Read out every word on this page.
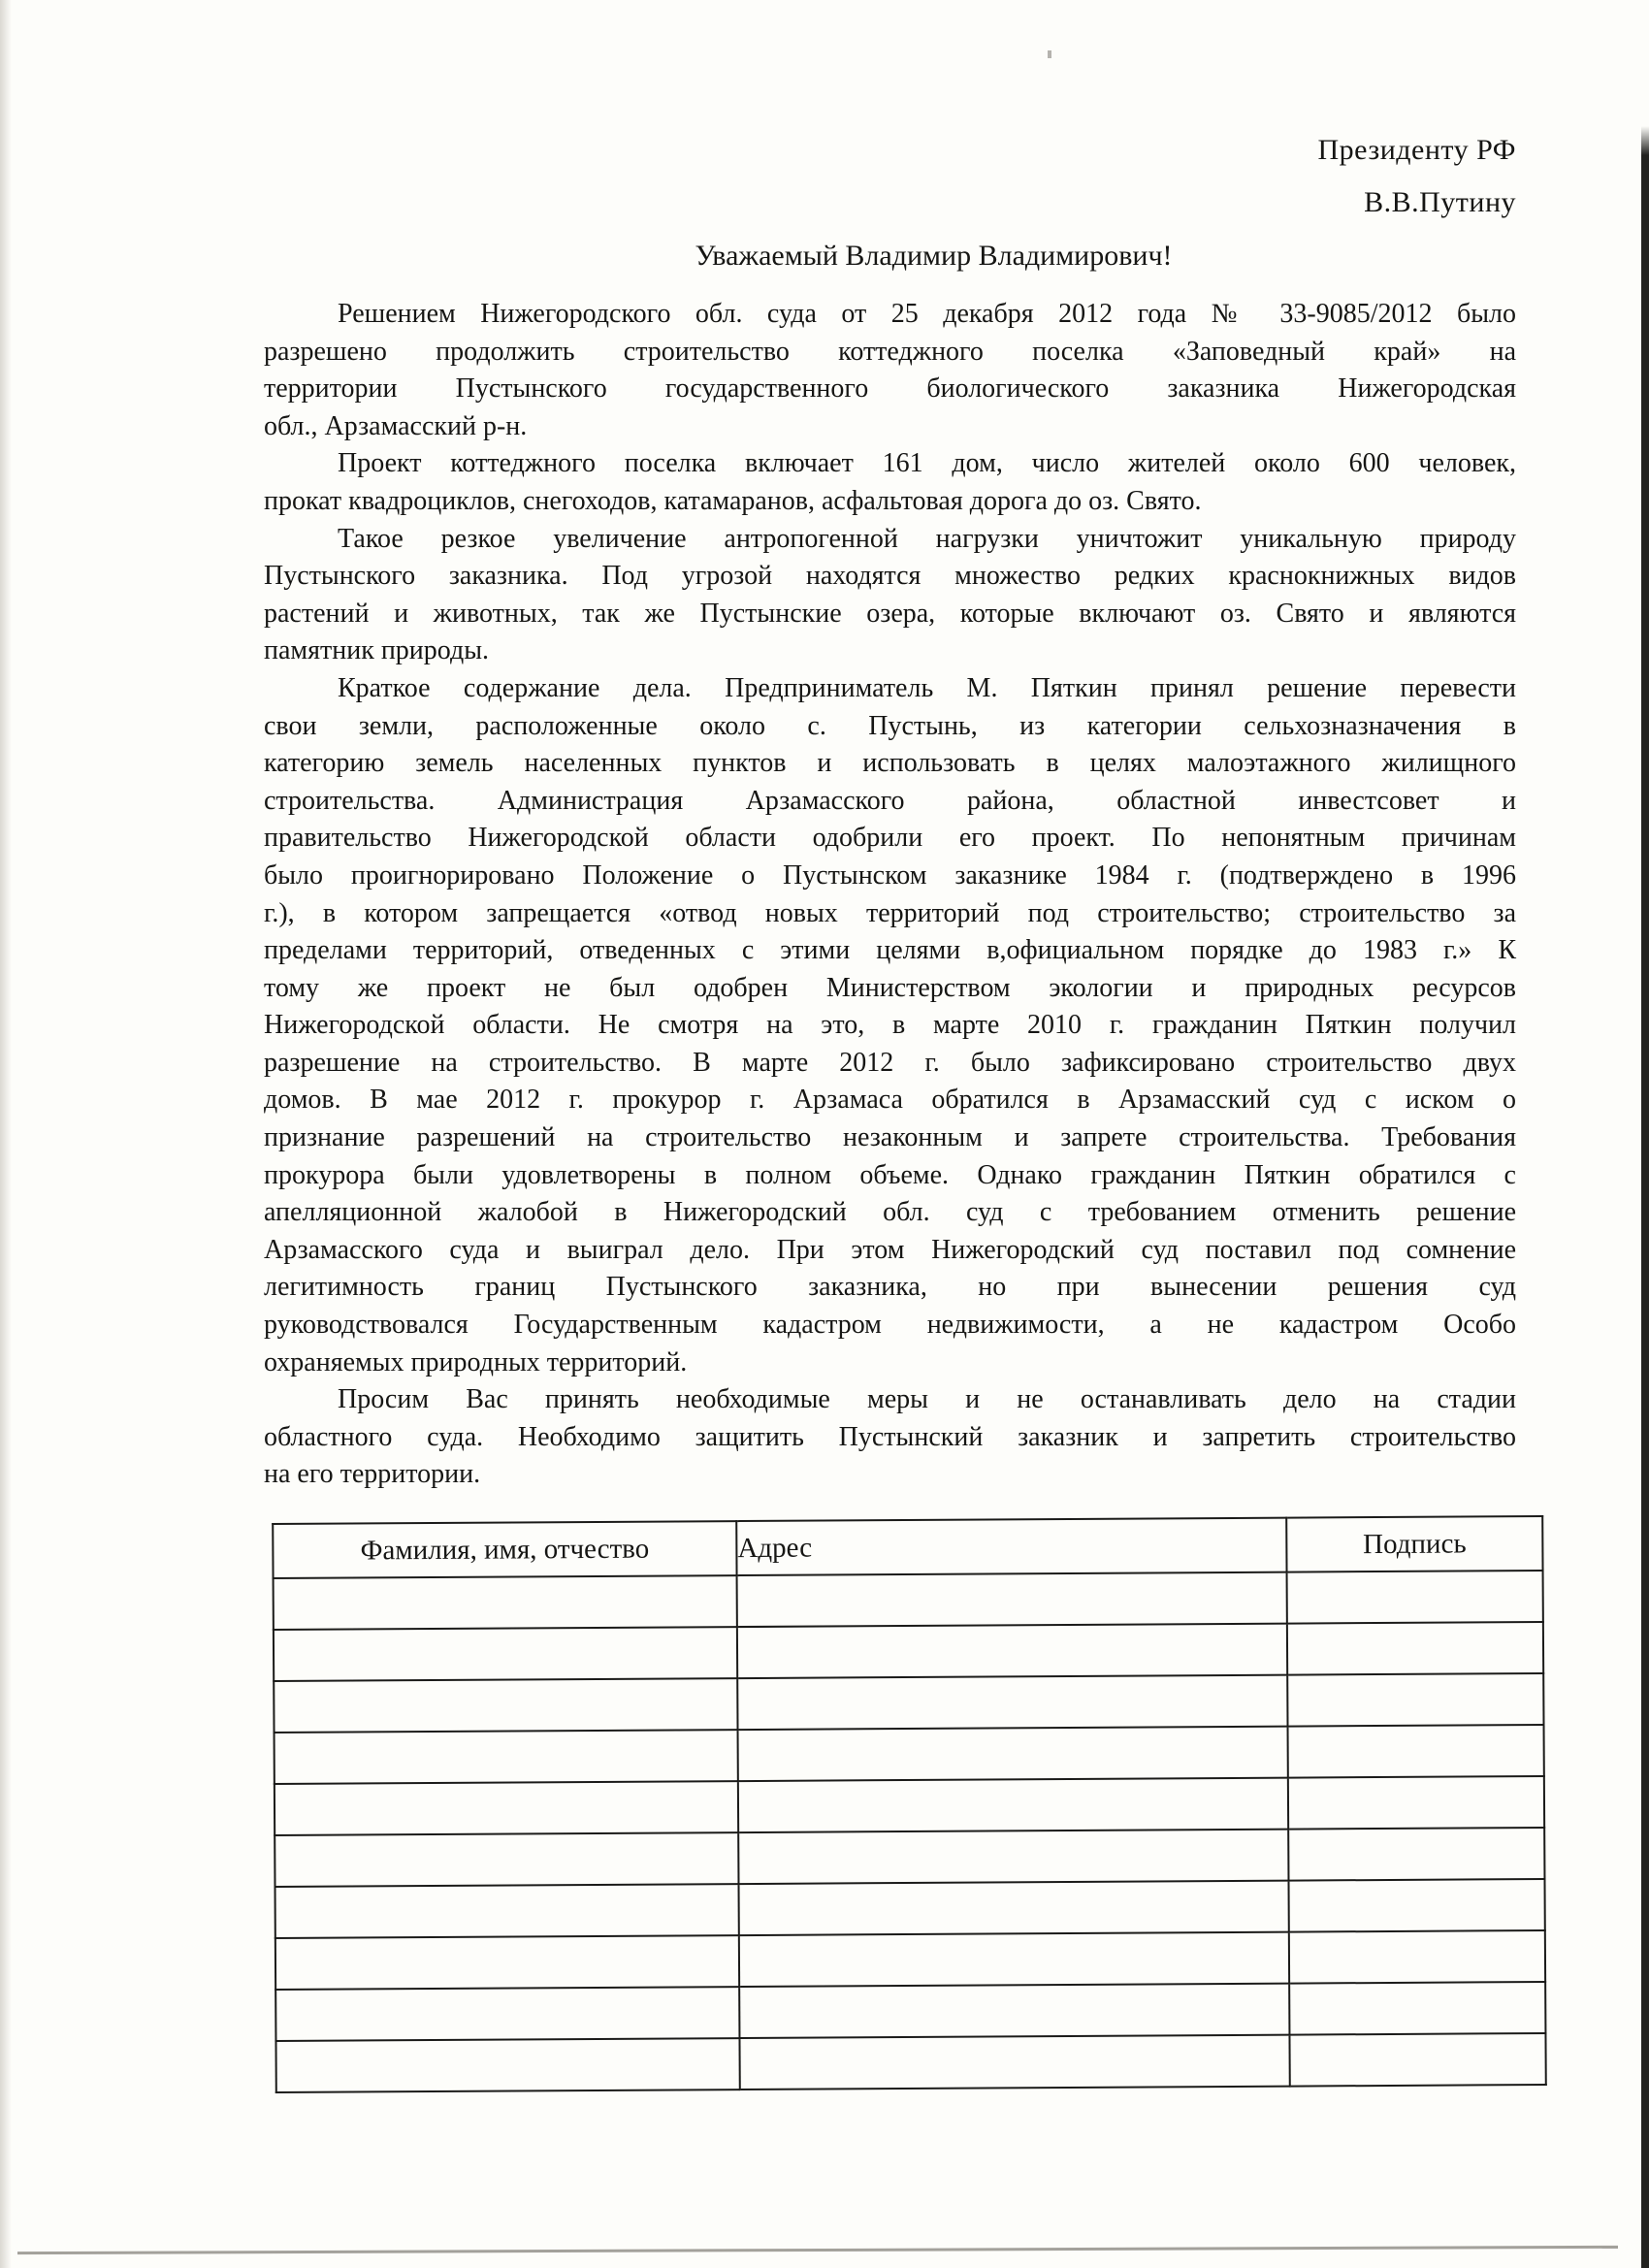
Президенту РФ
В.В.Путину
Уважаемый Владимир Владимирович!
Решением Нижегородского обл. суда от 25 декабря 2012 года № 33-9085/2012 было
разрешено продолжить строительство коттеджного поселка «Заповедный край» на
территории Пустынского государственного биологического заказника Нижегородская
обл., Арзамасский р-н.
Проект коттеджного поселка включает 161 дом, число жителей около 600 человек,
прокат квадроциклов, снегоходов, катамаранов, асфальтовая дорога до оз. Свято.
Такое резкое увеличение антропогенной нагрузки уничтожит уникальную природу
Пустынского заказника. Под угрозой находятся множество редких краснокнижных видов
растений и животных, так же Пустынские озера, которые включают оз. Свято и являются
памятник природы.
Краткое содержание дела. Предприниматель М. Пяткин принял решение перевести
свои земли, расположенные около с. Пустынь, из категории сельхозназначения в
категорию земель населенных пунктов и использовать в целях малоэтажного жилищного
строительства. Администрация Арзамасского района, областной инвестсовет и
правительство Нижегородской области одобрили его проект. По непонятным причинам
было проигнорировано Положение о Пустынском заказнике 1984 г. (подтверждено в 1996
г.), в котором запрещается «отвод новых территорий под строительство; строительство за
пределами территорий, отведенных с этими целями в,официальном порядке до 1983 г.» К
тому же проект не был одобрен Министерством экологии и природных ресурсов
Нижегородской области. Не смотря на это, в марте 2010 г. гражданин Пяткин получил
разрешение на строительство. В марте 2012 г. было зафиксировано строительство двух
домов. В мае 2012 г. прокурор г. Арзамаса обратился в Арзамасский суд с иском о
признание разрешений на строительство незаконным и запрете строительства. Требования
прокурора были удовлетворены в полном объеме. Однако гражданин Пяткин обратился с
апелляционной жалобой в Нижегородский обл. суд с требованием отменить решение
Арзамасского суда и выиграл дело. При этом Нижегородский суд поставил под сомнение
легитимность границ Пустынского заказника, но при вынесении решения суд
руководствовался Государственным кадастром недвижимости, а не кадастром Особо
охраняемых природных территорий.
Просим Вас принять необходимые меры и не останавливать дело на стадии
областного суда. Необходимо защитить Пустынский заказник и запретить строительство
на его территории.
Фамилия, имя, отчество	Адрес	Подпись
